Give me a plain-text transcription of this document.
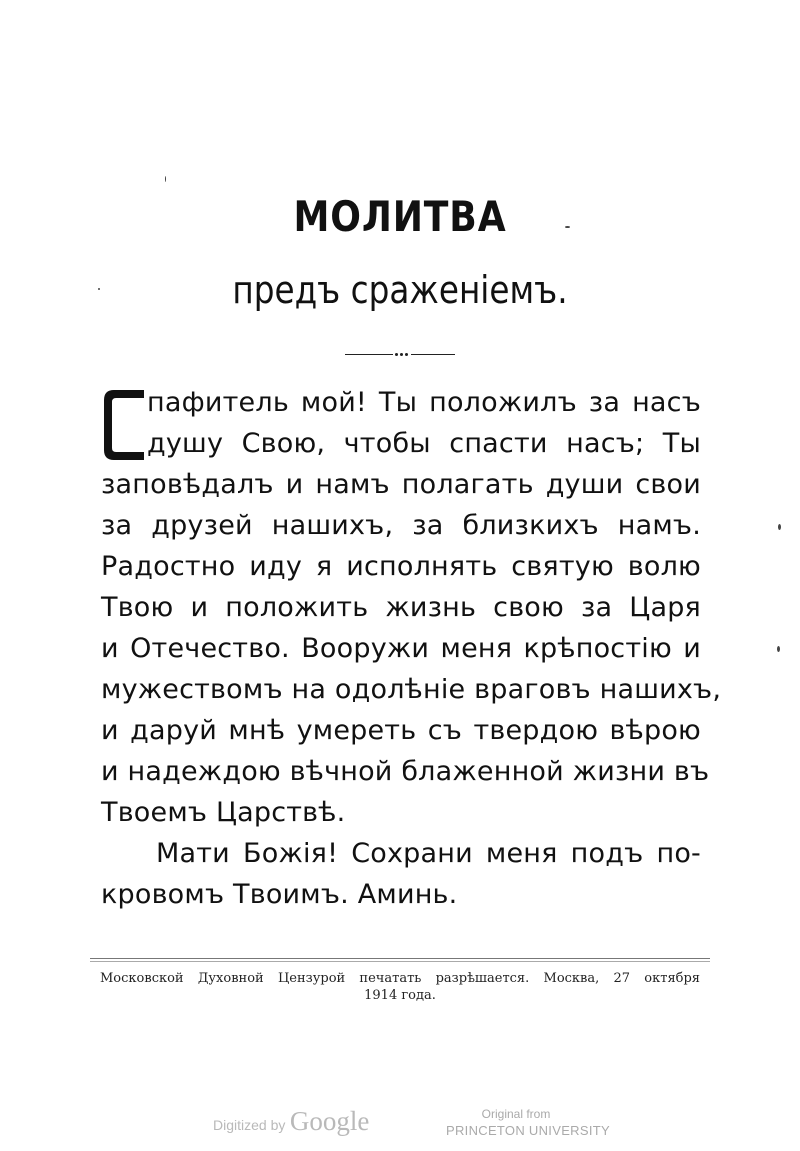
МОЛИТВА
предъ сраженіемъ.
пафитель мой! Ты положилъ за насъ
душу Свою, чтобы спасти насъ; Ты
заповѣдалъ и намъ полагать души свои
за друзей нашихъ, за близкихъ намъ.
Радостно иду я исполнять святую волю
Твою и положить жизнь свою за Царя
и Отечество. Вооружи меня крѣпостію и
мужествомъ на одолѣніе враговъ нашихъ,
и даруй мнѣ умереть съ твердою вѣрою
и надеждою вѣчной блаженной жизни въ
Твоемъ Царствѣ.
Мати Божія! Сохрани меня подъ по-
кровомъ Твоимъ. Аминь.
Московской Духовной Цензурой печатать разрѣшается. Москва, 27 октября
1914 года.
Digitized by Google	Original from
PRINCETON UNIVERSITY
